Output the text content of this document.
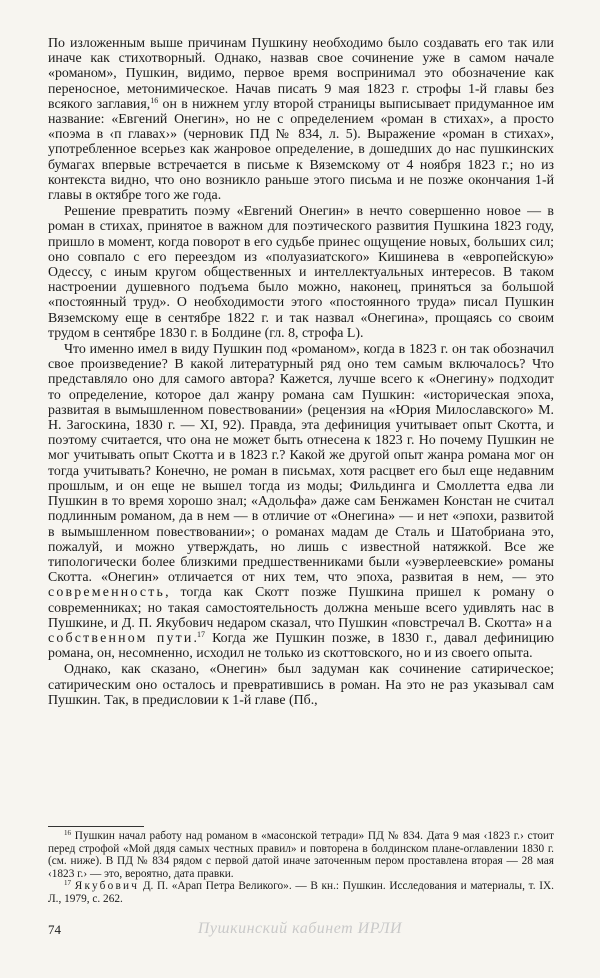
По изложенным выше причинам Пушкину необходимо было создавать его так или иначе как стихотворный. Однако, назвав свое сочинение уже в самом начале «романом», Пушкин, видимо, первое время воспринимал это обозначение как переносное, метонимическое. Начав писать 9 мая 1823 г. строфы 1-й главы без всякого заглавия,$^{16}$ он в нижнем углу второй страницы выписывает придуманное им название: «Евгений Онегин», но не с определением «роман в стихах», а просто «поэма в ‹п главах›» (черновик ПД № 834, л. 5). Выражение «роман в стихах», употребленное всерьез как жанровое определение, в дошедших до нас пушкинских бумагах впервые встречается в письме к Вяземскому от 4 ноября 1823 г.; но из контекста видно, что оно возникло раньше этого письма и не позже окончания 1-й главы в октябре того же года.

Решение превратить поэму «Евгений Онегин» в нечто совершенно новое — в роман в стихах, принятое в важном для поэтического развития Пушкина 1823 году, пришло в момент, когда поворот в его судьбе принес ощущение новых, больших сил; оно совпало с его переездом из «полуазиатского» Кишинева в «европейскую» Одессу, с иным кругом общественных и интеллектуальных интересов. В таком настроении душевного подъема было можно, наконец, приняться за большой «постоянный труд». О необходимости этого «постоянного труда» писал Пушкин Вяземскому еще в сентябре 1822 г. и так назвал «Онегина», прощаясь со своим трудом в сентябре 1830 г. в Болдине (гл. 8, строфа L).

Что именно имел в виду Пушкин под «романом», когда в 1823 г. он так обозначил свое произведение? В какой литературный ряд оно тем самым включалось? Что представляло оно для самого автора? Кажется, лучше всего к «Онегину» подходит то определение, которое дал жанру романа сам Пушкин: «историческая эпоха, развитая в вымышленном повествовании» (рецензия на «Юрия Милославского» М. Н. Загоскина, 1830 г. — XI, 92). Правда, эта дефиниция учитывает опыт Скотта, и поэтому считается, что она не может быть отнесена к 1823 г. Но почему Пушкин не мог учитывать опыт Скотта и в 1823 г.? Какой же другой опыт жанра романа мог он тогда учитывать? Конечно, не роман в письмах, хотя расцвет его был еще недавним прошлым, и он еще не вышел тогда из моды; Фильдинга и Смоллетта едва ли Пушкин в то время хорошо знал; «Адольфа» даже сам Бенжамен Констан не считал подлинным романом, да в нем — в отличие от «Онегина» — и нет «эпохи, развитой в вымышленном повествовании»; о романах мадам де Сталь и Шатобриана это, пожалуй, и можно утверждать, но лишь с известной натяжкой. Все же типологически более близкими предшественниками были «уэверлеевские» романы Скотта. «Онегин» отличается от них тем, что эпоха, развитая в нем, — это современность, тогда как Скотт позже Пушкина пришел к роману о современниках; но такая самостоятельность должна меньше всего удивлять нас в Пушкине, и Д. П. Якубович недаром сказал, что Пушкин «повстречал В. Скотта» на собственном пути.$^{17}$ Когда же Пушкин позже, в 1830 г., давал дефиницию романа, он, несомненно, исходил не только из скоттовского, но и из своего опыта.

Однако, как сказано, «Онегин» был задуман как сочинение сатирическое; сатирическим оно осталось и превратившись в роман. На это не раз указывал сам Пушкин. Так, в предисловии к 1-й главе (Пб.,

$^{16}$ Пушкин начал работу над романом в «масонской тетради» ПД № 834. Дата 9 мая ‹1823 г.› стоит перед строфой «Мой дядя самых честных правил» и повторена в болдинском плане-оглавлении 1830 г. (см. ниже). В ПД № 834 рядом с первой датой иначе заточенным пером проставлена вторая — 28 мая ‹1823 г.› — это, вероятно, дата правки.

$^{17}$ Якубович Д. П. «Арап Петра Великого». — В кн.: Пушкин. Исследования и материалы, т. IX. Л., 1979, с. 262.

74	Пушкинский кабинет ИРЛИ
